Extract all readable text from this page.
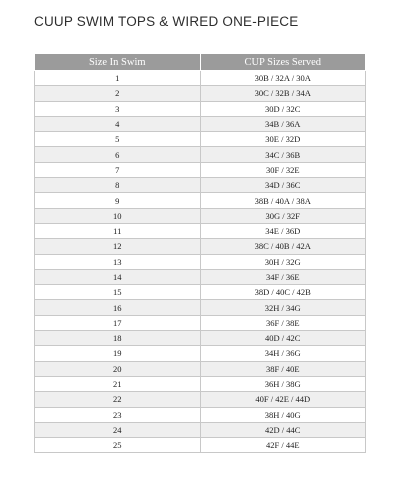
CUUP SWIM TOPS & WIRED ONE-PIECE
Size In Swim	CUP Sizes Served
1	30B / 32A / 30A
2	30C / 32B / 34A
3	30D / 32C
4	34B / 36A
5	30E / 32D
6	34C / 36B
7	30F / 32E
8	34D / 36C
9	38B / 40A / 38A
10	30G / 32F
11	34E / 36D
12	38C / 40B / 42A
13	30H / 32G
14	34F / 36E
15	38D / 40C / 42B
16	32H / 34G
17	36F / 38E
18	40D / 42C
19	34H / 36G
20	38F / 40E
21	36H / 38G
22	40F / 42E / 44D
23	38H / 40G
24	42D / 44C
25	42F / 44E
